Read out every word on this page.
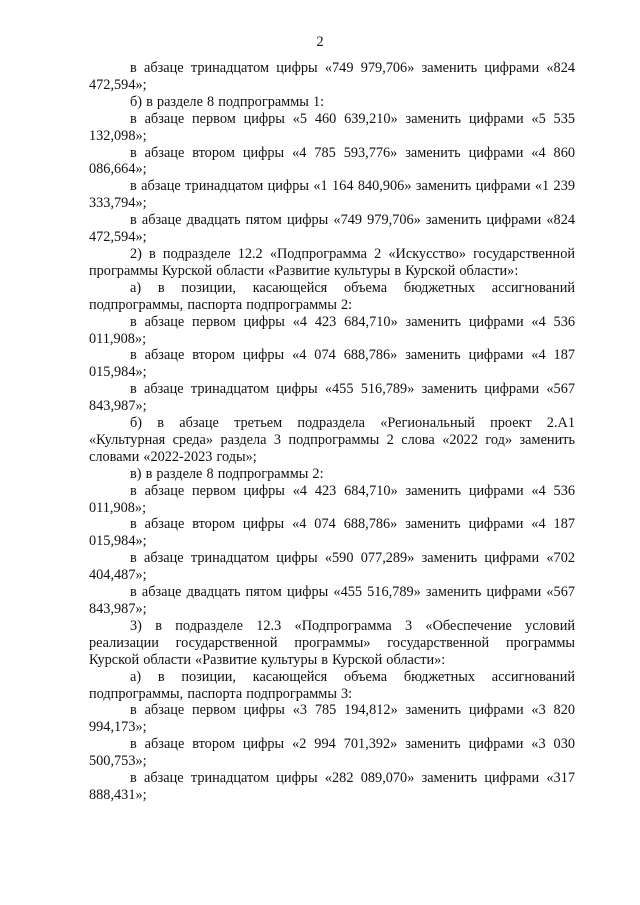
2

в абзаце тринадцатом цифры «749 979,706» заменить цифрами «824 472,594»;

б) в разделе 8 подпрограммы 1:

в абзаце первом цифры «5 460 639,210» заменить цифрами «5 535 132,098»;

в абзаце втором цифры «4 785 593,776» заменить цифрами «4 860 086,664»;

в абзаце тринадцатом цифры «1 164 840,906» заменить цифрами «1 239 333,794»;

в абзаце двадцать пятом цифры «749 979,706» заменить цифрами «824 472,594»;

2) в подразделе 12.2 «Подпрограмма 2 «Искусство» государственной программы Курской области «Развитие культуры в Курской области»:

а) в позиции, касающейся объема бюджетных ассигнований подпрограммы, паспорта подпрограммы 2:

в абзаце первом цифры «4 423 684,710» заменить цифрами «4 536 011,908»;

в абзаце втором цифры «4 074 688,786» заменить цифрами «4 187 015,984»;

в абзаце тринадцатом цифры «455 516,789» заменить цифрами «567 843,987»;

б) в абзаце третьем подраздела «Региональный проект 2.А1 «Культурная среда» раздела 3 подпрограммы 2 слова «2022 год» заменить словами «2022-2023 годы»;

в) в разделе 8 подпрограммы 2:

в абзаце первом цифры «4 423 684,710» заменить цифрами «4 536 011,908»;

в абзаце втором цифры «4 074 688,786» заменить цифрами «4 187 015,984»;

в абзаце тринадцатом цифры «590 077,289» заменить цифрами «702 404,487»;

в абзаце двадцать пятом цифры «455 516,789» заменить цифрами «567 843,987»;

3) в подразделе 12.3 «Подпрограмма 3 «Обеспечение условий реализации государственной программы» государственной программы Курской области «Развитие культуры в Курской области»:

а) в позиции, касающейся объема бюджетных ассигнований подпрограммы, паспорта подпрограммы 3:

в абзаце первом цифры «3 785 194,812» заменить цифрами «3 820 994,173»;

в абзаце втором цифры «2 994 701,392» заменить цифрами «3 030 500,753»;

в абзаце тринадцатом цифры «282 089,070» заменить цифрами «317 888,431»;
